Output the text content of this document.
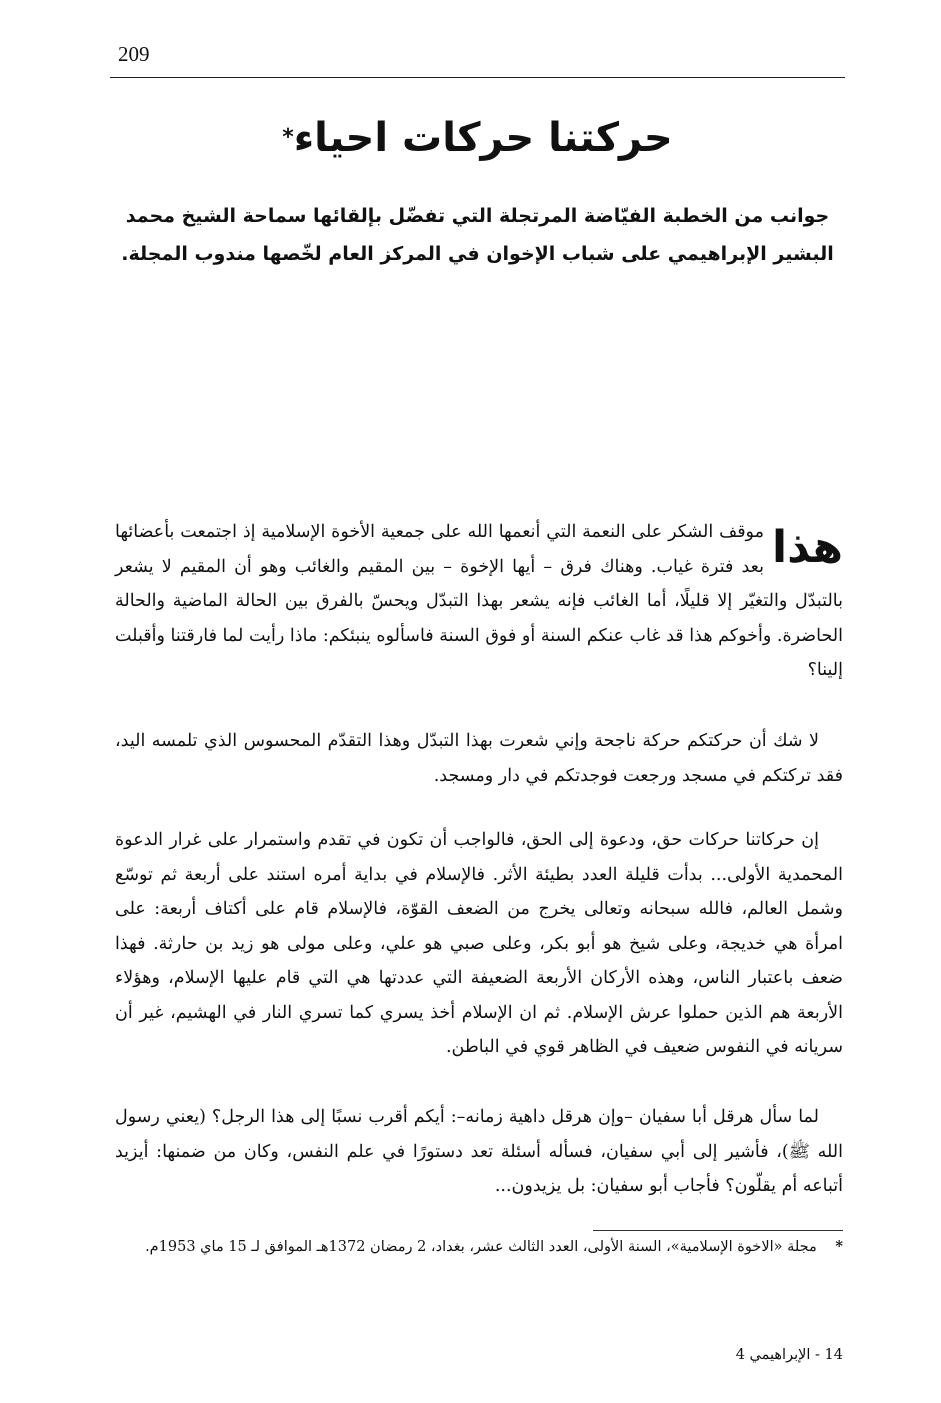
209
حركتنا حركات احياء*
جوانب من الخطبة الفيّاضة المرتجلة التي تفضّل بإلقائها سماحة الشيخ محمد البشير الإبراهيمي على شباب الإخوان في المركز العام لخّصها مندوب المجلة.

هذا
موقف الشكر على النعمة التي أنعمها الله على جمعية الأخوة الإسلامية إذ اجتمعت بأعضائها بعد فترة غياب. وهناك فرق – أيها الإخوة – بين المقيم والغائب وهو أن المقيم لا يشعر بالتبدّل والتغيّر إلا قليلًا، أما الغائب فإنه يشعر بهذا التبدّل ويحسّ بالفرق بين الحالة الماضية والحالة الحاضرة. وأخوكم هذا قد غاب عنكم السنة أو فوق السنة فاسألوه ينبئكم: ماذا رأيت لما فارقتنا وأقبلت إلينا؟

لا شك أن حركتكم حركة ناجحة وإني شعرت بهذا التبدّل وهذا التقدّم المحسوس الذي تلمسه اليد، فقد تركتكم في مسجد ورجعت فوجدتكم في دار ومسجد.

إن حركاتنا حركات حق، ودعوة إلى الحق، فالواجب أن تكون في تقدم واستمرار على غرار الدعوة المحمدية الأولى... بدأت قليلة العدد بطيئة الأثر. فالإسلام في بداية أمره استند على أربعة ثم توسّع وشمل العالم، فالله سبحانه وتعالى يخرج من الضعف القوّة، فالإسلام قام على أكتاف أربعة: على امرأة هي خديجة، وعلى شيخ هو أبو بكر، وعلى صبي هو علي، وعلى مولى هو زيد بن حارثة. فهذا ضعف باعتبار الناس، وهذه الأركان الأربعة الضعيفة التي عددتها هي التي قام عليها الإسلام، وهؤلاء الأربعة هم الذين حملوا عرش الإسلام. ثم ان الإسلام أخذ يسري كما تسري النار في الهشيم، غير أن سريانه في النفوس ضعيف في الظاهر قوي في الباطن.

لما سأل هرقل أبا سفيان –وإن هرقل داهية زمانه–: أيكم أقرب نسبًا إلى هذا الرجل؟ (يعني رسول الله ﷺ)، فأشير إلى أبي سفيان، فسأله أسئلة تعد دستورًا في علم النفس، وكان من ضمنها: أيزيد أتباعه أم يقلّون؟ فأجاب أبو سفيان: بل يزيدون...

* مجلة «الاخوة الإسلامية»، السنة الأولى، العدد الثالث عشر، بغداد، 2 رمضان 1372هـ الموافق لـ 15 ماي 1953م.
14 - الإبراهيمي 4
